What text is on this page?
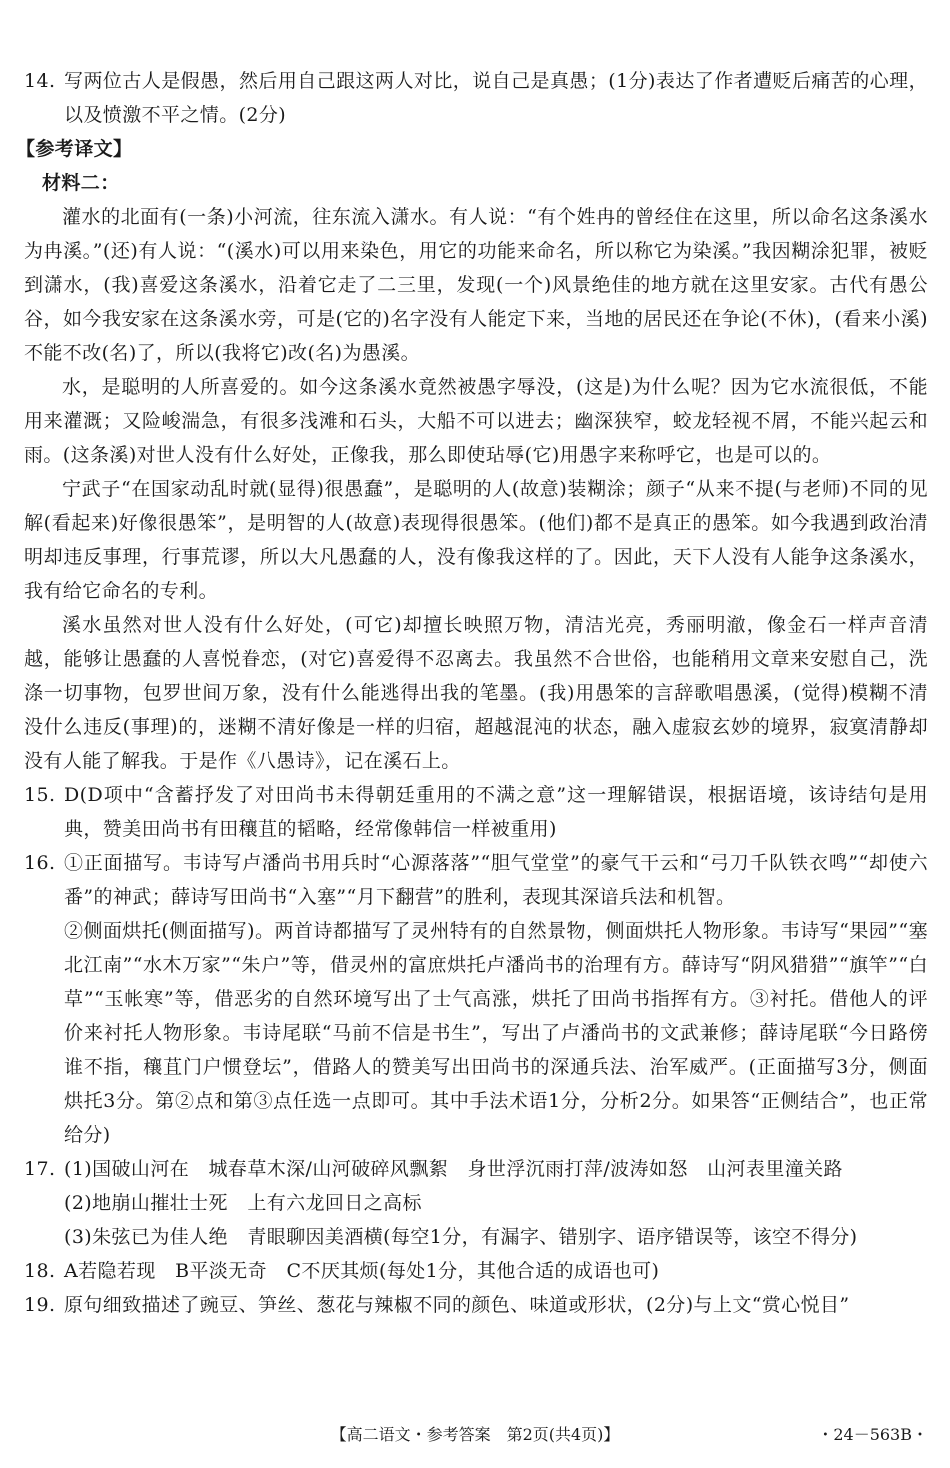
14. 写两位古人是假愚，然后用自己跟这两人对比，说自己是真愚；(1分)表达了作者遭贬后痛苦的心理，以及愤激不平之情。(2分)

【参考译文】

材料二：

灌水的北面有(一条)小河流，往东流入潇水。有人说：“有个姓冉的曾经住在这里，所以命名这条溪水为冉溪。”(还)有人说：“(溪水)可以用来染色，用它的功能来命名，所以称它为染溪。”我因糊涂犯罪，被贬到潇水，(我)喜爱这条溪水，沿着它走了二三里，发现(一个)风景绝佳的地方就在这里安家。古代有愚公谷，如今我安家在这条溪水旁，可是(它的)名字没有人能定下来，当地的居民还在争论(不休)，(看来小溪)不能不改(名)了，所以(我将它)改(名)为愚溪。

水，是聪明的人所喜爱的。如今这条溪水竟然被愚字辱没，(这是)为什么呢？因为它水流很低，不能用来灌溉；又险峻湍急，有很多浅滩和石头，大船不可以进去；幽深狭窄，蛟龙轻视不屑，不能兴起云和雨。(这条溪)对世人没有什么好处，正像我，那么即使玷辱(它)用愚字来称呼它，也是可以的。

宁武子“在国家动乱时就(显得)很愚蠢”，是聪明的人(故意)装糊涂；颜子“从来不提(与老师)不同的见解(看起来)好像很愚笨”，是明智的人(故意)表现得很愚笨。(他们)都不是真正的愚笨。如今我遇到政治清明却违反事理，行事荒谬，所以大凡愚蠢的人，没有像我这样的了。因此，天下人没有人能争这条溪水，我有给它命名的专利。

溪水虽然对世人没有什么好处，(可它)却擅长映照万物，清洁光亮，秀丽明澈，像金石一样声音清越，能够让愚蠢的人喜悦眷恋，(对它)喜爱得不忍离去。我虽然不合世俗，也能稍用文章来安慰自己，洗涤一切事物，包罗世间万象，没有什么能逃得出我的笔墨。(我)用愚笨的言辞歌唱愚溪，(觉得)模糊不清没什么违反(事理)的，迷糊不清好像是一样的归宿，超越混沌的状态，融入虚寂玄妙的境界，寂寞清静却没有人能了解我。于是作《八愚诗》，记在溪石上。

15. D(D项中“含蓄抒发了对田尚书未得朝廷重用的不满之意”这一理解错误，根据语境，该诗结句是用典，赞美田尚书有田穰苴的韬略，经常像韩信一样被重用)

16. ①正面描写。韦诗写卢潘尚书用兵时“心源落落”“胆气堂堂”的豪气干云和“弓刀千队铁衣鸣”“却使六番”的神武；薛诗写田尚书“入塞”“月下翻营”的胜利，表现其深谙兵法和机智。

②侧面烘托(侧面描写)。两首诗都描写了灵州特有的自然景物，侧面烘托人物形象。韦诗写“果园”“塞北江南”“水木万家”“朱户”等，借灵州的富庶烘托卢潘尚书的治理有方。薛诗写“阴风猎猎”“旗竿”“白草”“玉帐寒”等，借恶劣的自然环境写出了士气高涨，烘托了田尚书指挥有方。③衬托。借他人的评价来衬托人物形象。韦诗尾联“马前不信是书生”，写出了卢潘尚书的文武兼修；薛诗尾联“今日路傍谁不指，穰苴门户惯登坛”，借路人的赞美写出田尚书的深通兵法、治军威严。(正面描写3分，侧面烘托3分。第②点和第③点任选一点即可。其中手法术语1分，分析2分。如果答“正侧结合”，也正常给分)

17. (1)国破山河在　城春草木深/山河破碎风飘絮　身世浮沉雨打萍/波涛如怒　山河表里潼关路

(2)地崩山摧壮士死　上有六龙回日之高标

(3)朱弦已为佳人绝　青眼聊因美酒横(每空1分，有漏字、错别字、语序错误等，该空不得分)

18. A若隐若现　B平淡无奇　C不厌其烦(每处1分，其他合适的成语也可)

19. 原句细致描述了豌豆、笋丝、葱花与辣椒不同的颜色、味道或形状，(2分)与上文“赏心悦目”

【高二语文・参考答案　第2页(共4页)】	・24－563B・
